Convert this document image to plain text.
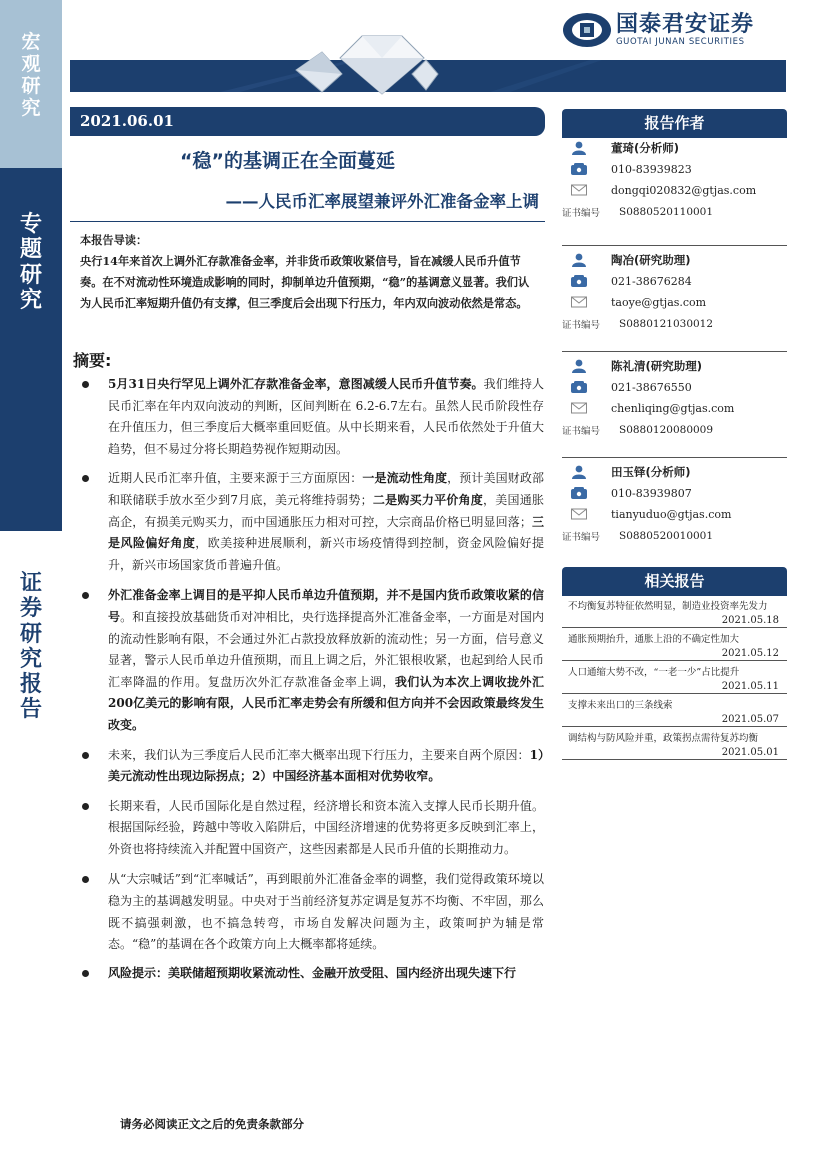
宏
观
研
究
专
题
研
究
证
券
研
究
报
告
国泰君安证券
GUOTAI JUNAN SECURITIES
2021.06.01
“稳”的基调正在全面蔓延
——人民币汇率展望兼评外汇准备金率上调
本报告导读：
央行14年来首次上调外汇存款准备金率，并非货币政策收紧信号，旨在减缓人民币升值节奏。在不对流动性环境造成影响的同时，抑制单边升值预期，“稳”的基调意义显著。我们认为人民币汇率短期升值仍有支撑，但三季度后会出现下行压力，年内双向波动依然是常态。
摘要:
5月31日央行罕见上调外汇存款准备金率，意图减缓人民币升值节奏。我们维持人民币汇率在年内双向波动的判断，区间判断在 6.2-6.7左右。虽然人民币阶段性存在升值压力，但三季度后大概率重回贬值。从中长期来看，人民币依然处于升值大趋势，但不易过分将长期趋势视作短期动因。
近期人民币汇率升值，主要来源于三方面原因：一是流动性角度，预计美国财政部和联储联手放水至少到7月底，美元将维持弱势；二是购买力平价角度，美国通胀高企，有损美元购买力，而中国通胀压力相对可控，大宗商品价格已明显回落；三是风险偏好角度，欧美接种进展顺利，新兴市场疫情得到控制，资金风险偏好提升，新兴市场国家货币普遍升值。
外汇准备金率上调目的是平抑人民币单边升值预期，并不是国内货币政策收紧的信号。和直接投放基础货币对冲相比，央行选择提高外汇准备金率，一方面是对国内的流动性影响有限，不会通过外汇占款投放释放新的流动性；另一方面，信号意义显著，警示人民币单边升值预期，而且上调之后，外汇银根收紧，也起到给人民币汇率降温的作用。复盘历次外汇存款准备金率上调，我们认为本次上调收拢外汇200亿美元的影响有限，人民币汇率走势会有所缓和但方向并不会因政策最终发生改变。
未来，我们认为三季度后人民币汇率大概率出现下行压力，主要来自两个原因：1）美元流动性出现边际拐点；2）中国经济基本面相对优势收窄。
长期来看，人民币国际化是自然过程，经济增长和资本流入支撑人民币长期升值。根据国际经验，跨越中等收入陷阱后，中国经济增速的优势将更多反映到汇率上，外资也将持续流入并配置中国资产，这些因素都是人民币升值的长期推动力。
从“大宗喊话”到“汇率喊话”，再到眼前外汇准备金率的调整，我们觉得政策环境以稳为主的基调越发明显。中央对于当前经济复苏定调是复苏不均衡、不牢固，那么既不搞强刺激，也不搞急转弯，市场自发解决问题为主，政策呵护为辅是常态。“稳”的基调在各个政策方向上大概率都将延续。
风险提示：美联储超预期收紧流动性、金融开放受阻、国内经济出现失速下行
请务必阅读正文之后的免责条款部分
报告作者
董琦(分析师)
010-83939823
dongqi020832@gtjas.com
证书编号	S0880520110001
陶冶(研究助理)
021-38676284
taoye@gtjas.com
证书编号	S0880121030012
陈礼清(研究助理)
021-38676550
chenliqing@gtjas.com
证书编号	S0880120080009
田玉铎(分析师)
010-83939807
tianyuduo@gtjas.com
证书编号	S0880520010001
相关报告
不均衡复苏特征依然明显，制造业投资率先发力
2021.05.18
通胀预期抬升，通胀上沿的不确定性加大
2021.05.12
人口通缩大势不改，“一老一少”占比提升
2021.05.11
支撑未来出口的三条线索
2021.05.07
调结构与防风险并重，政策拐点需待复苏均衡
2021.05.01
